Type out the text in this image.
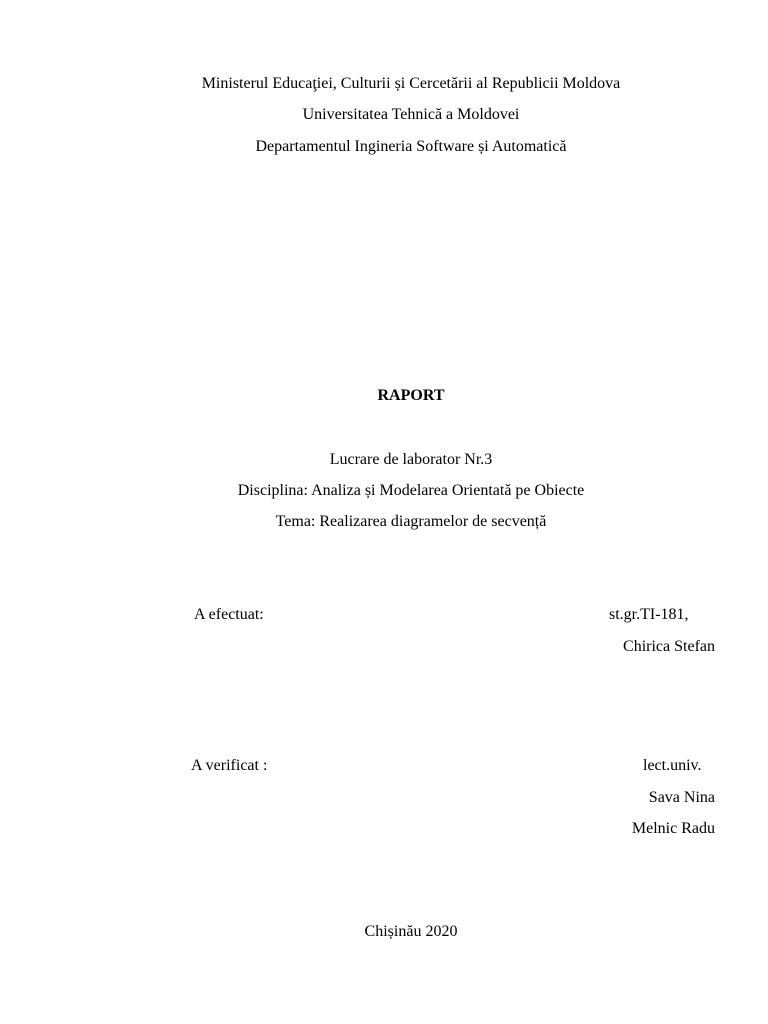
Ministerul Educaţiei, Culturii și Cercetării al Republicii Moldova
Universitatea Tehnică a Moldovei
Departamentul Ingineria Software și Automatică
RAPORT
Lucrare de laborator Nr.3
Disciplina: Analiza și Modelarea Orientată pe Obiecte
Tema: Realizarea diagramelor de secvență
A efectuat:	st.gr.TI-181,
Chirica Stefan
A verificat :	lect.univ.
Sava Nina
Melnic Radu
Chișinău 2020
